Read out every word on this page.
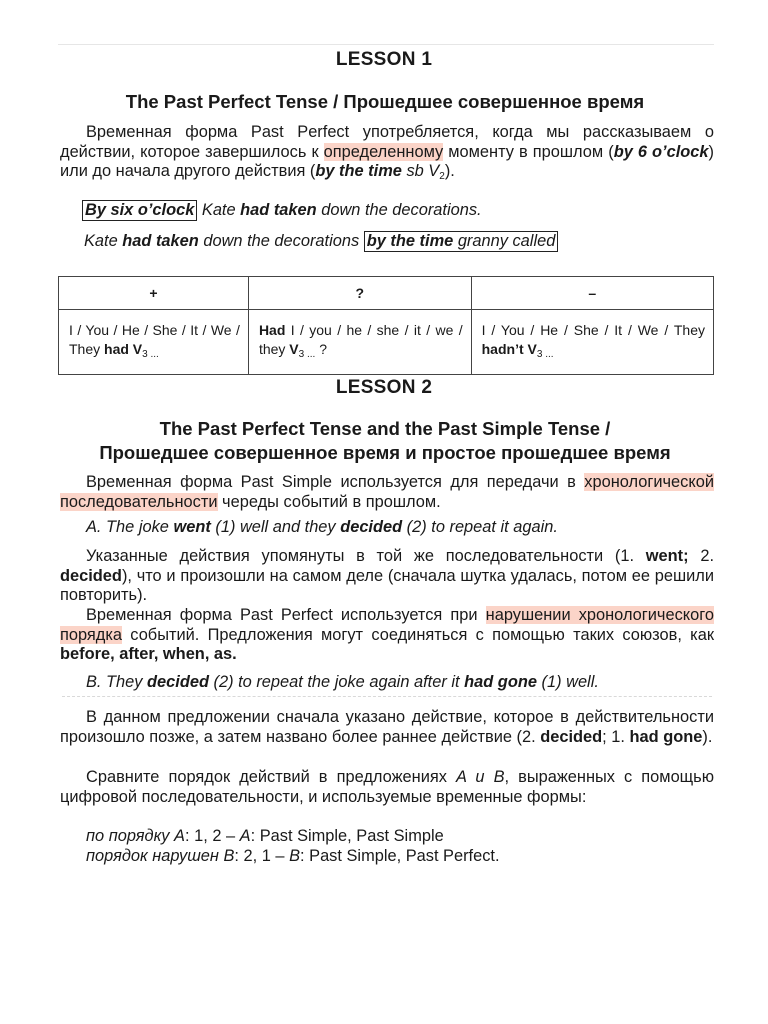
LESSON 1
The Past Perfect Tense / Прошедшее совершенное время
Временная форма Past Perfect употребляется, когда мы рассказываем о действии, которое завершилось к определенному моменту в прошлом (by 6 o’clock) или до начала другого действия (by the time sb $V_2$).
By six o’clock Kate had taken down the decorations.
Kate had taken down the decorations by the time granny called
+	?	–
I / You / He / She / It / We / They had $V_{3 ...}$	Had I / you / he / she / it / we / they $V_{3 ...}$ ?	I / You / He / She / It / We / They hadn’t $V_{3 ...}$
LESSON 2
The Past Perfect Tense and the Past Simple Tense /
Прошедшее совершенное время и простое прошедшее время
Временная форма Past Simple используется для передачи в хронологической последовательности череды событий в прошлом.
A. The joke went (1) well and they decided (2) to repeat it again.
Указанные действия упомянуты в той же последовательности (1. went; 2. decided), что и произошли на самом деле (сначала шутка удалась, потом ее решили повторить).
Временная форма Past Perfect используется при нарушении хронологического порядка событий. Предложения могут соединяться с помощью таких союзов, как before, after, when, as.
B. They decided (2) to repeat the joke again after it had gone (1) well.
В данном предложении сначала указано действие, которое в действительности произошло позже, а затем названо более раннее действие (2. decided; 1. had gone).
Сравните порядок действий в предложениях A и B, выраженных с помощью цифровой последовательности, и используемые временные формы:
по порядку A: 1, 2 – A: Past Simple, Past Simple
порядок нарушен B: 2, 1 – B: Past Simple, Past Perfect.
